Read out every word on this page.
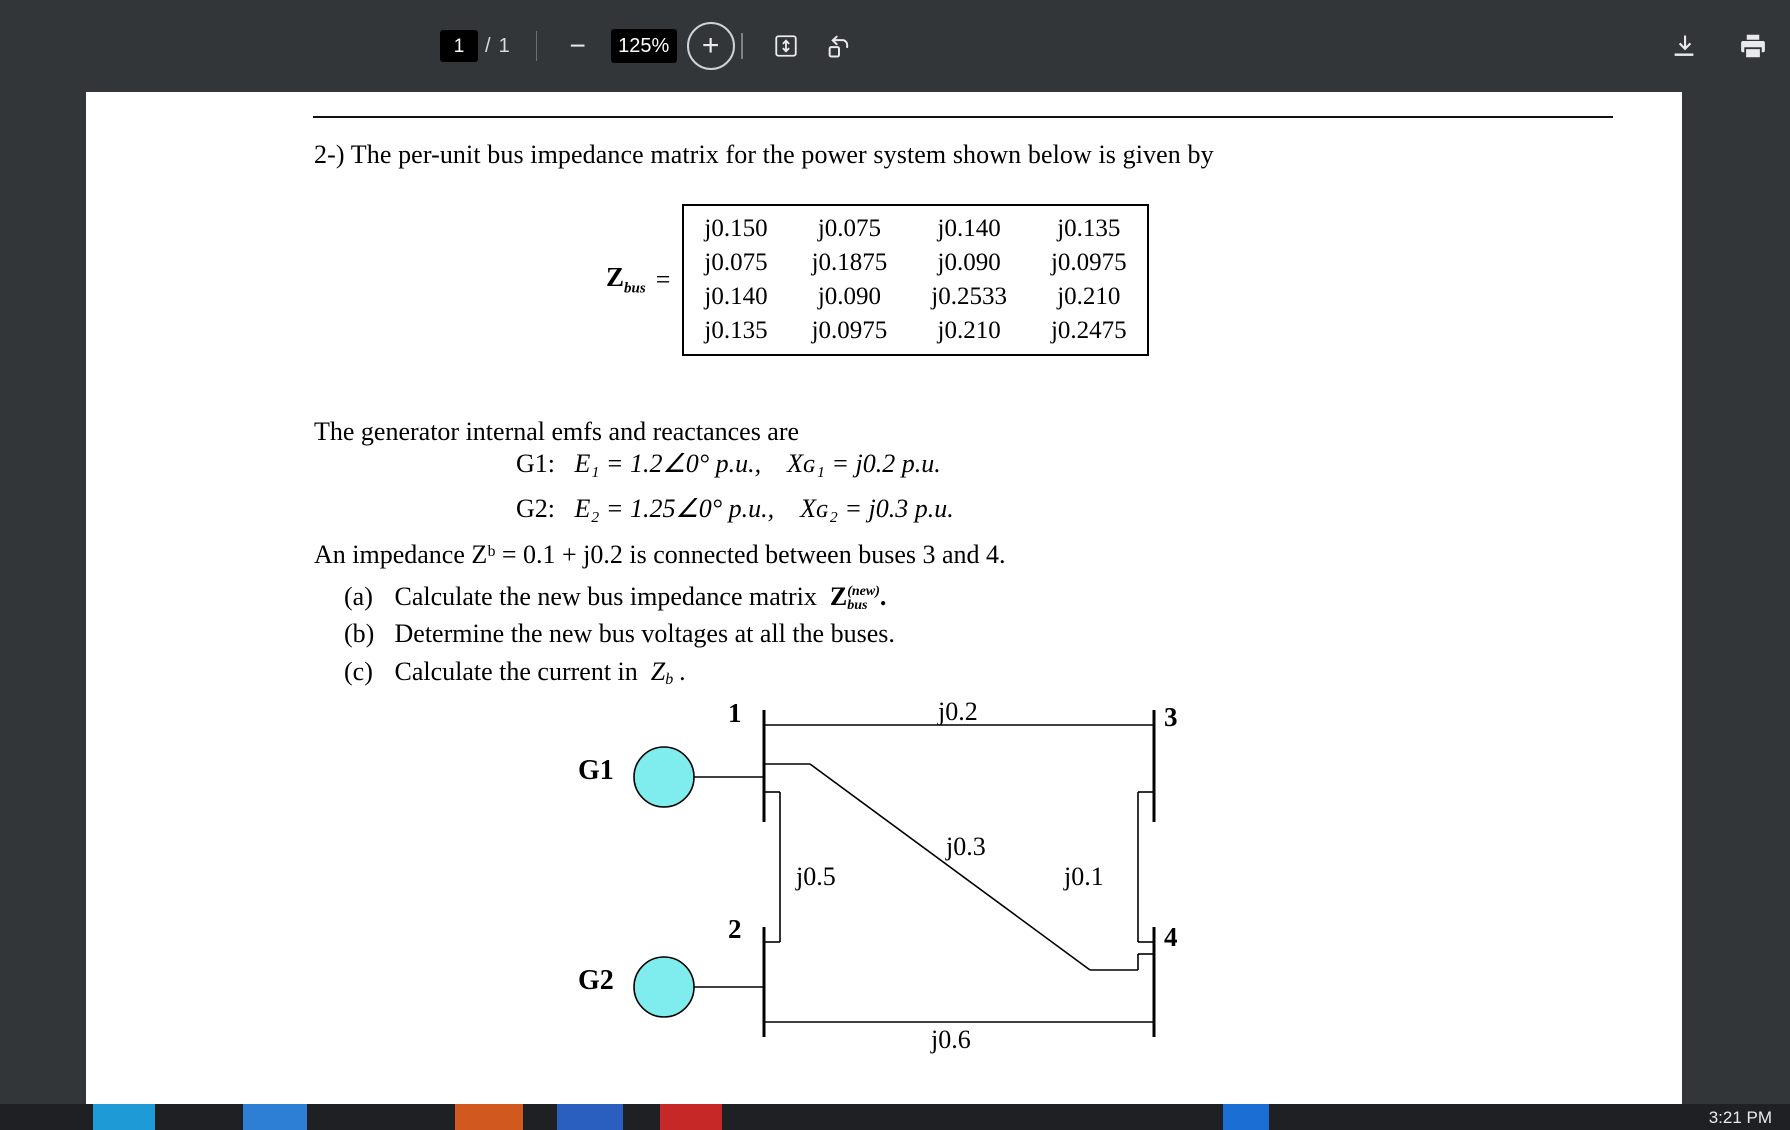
1	/ 1 −	125%	+
2-) The per-unit bus impedance matrix for the power system shown below is given by
$Z_{bus}$ =
j0.150	j0.075	j0.140	j0.135
j0.075	j0.1875	j0.090	j0.0975
j0.140	j0.090	j0.2533	j0.210
j0.135	j0.0975	j0.210	j0.2475
The generator internal emfs and reactances are
G1: E₁ = 1.2∠0° p.u., Xɢ₁ = j0.2 p.u.
G2: E₂ = 1.25∠0° p.u., Xɢ₂ = j0.3 p.u.
An impedance Zᵇ = 0.1 + j0.2 is connected between buses 3 and 4.
(a) Calculate the new bus impedance matrix Z (new)
bus .
(b) Determine the new bus voltages at all the buses.
(c) Calculate the current in $Z_b$ .
G1
G2
1
2
3
4
j0.2
j0.3
j0.5	j0.1
j0.6
3:21 PM
